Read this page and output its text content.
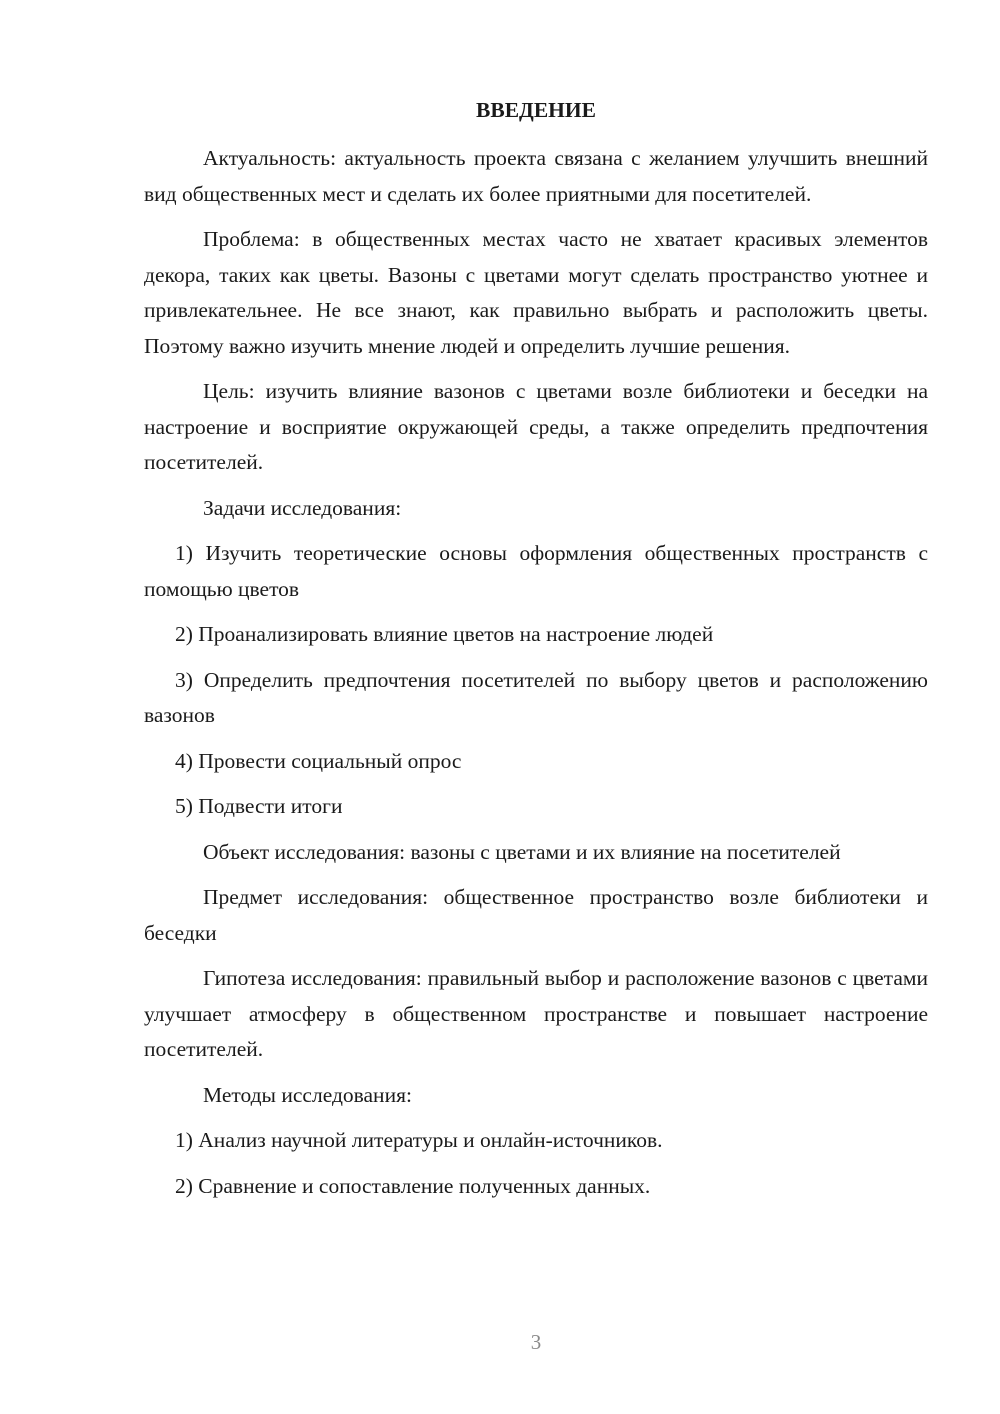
ВВЕДЕНИЕ

Актуальность: актуальность проекта связана с желанием улучшить внешний вид общественных мест и сделать их более приятными для посетителей.

Проблема: в общественных местах часто не хватает красивых элементов декора, таких как цветы. Вазоны с цветами могут сделать пространство уютнее и привлекательнее. Не все знают, как правильно выбрать и расположить цветы. Поэтому важно изучить мнение людей и определить лучшие решения.

Цель: изучить влияние вазонов с цветами возле библиотеки и беседки на настроение и восприятие окружающей среды, а также определить предпочтения посетителей.

Задачи исследования:

1) Изучить теоретические основы оформления общественных пространств с помощью цветов

2) Проанализировать влияние цветов на настроение людей

3) Определить предпочтения посетителей по выбору цветов и расположению вазонов

4) Провести социальный опрос

5) Подвести итоги

Объект исследования: вазоны с цветами и их влияние на посетителей

Предмет исследования: общественное пространство возле библиотеки и беседки

Гипотеза исследования: правильный выбор и расположение вазонов с цветами улучшает атмосферу в общественном пространстве и повышает настроение посетителей.

Методы исследования:

1) Анализ научной литературы и онлайн-источников.

2) Сравнение и сопоставление полученных данных.

3
